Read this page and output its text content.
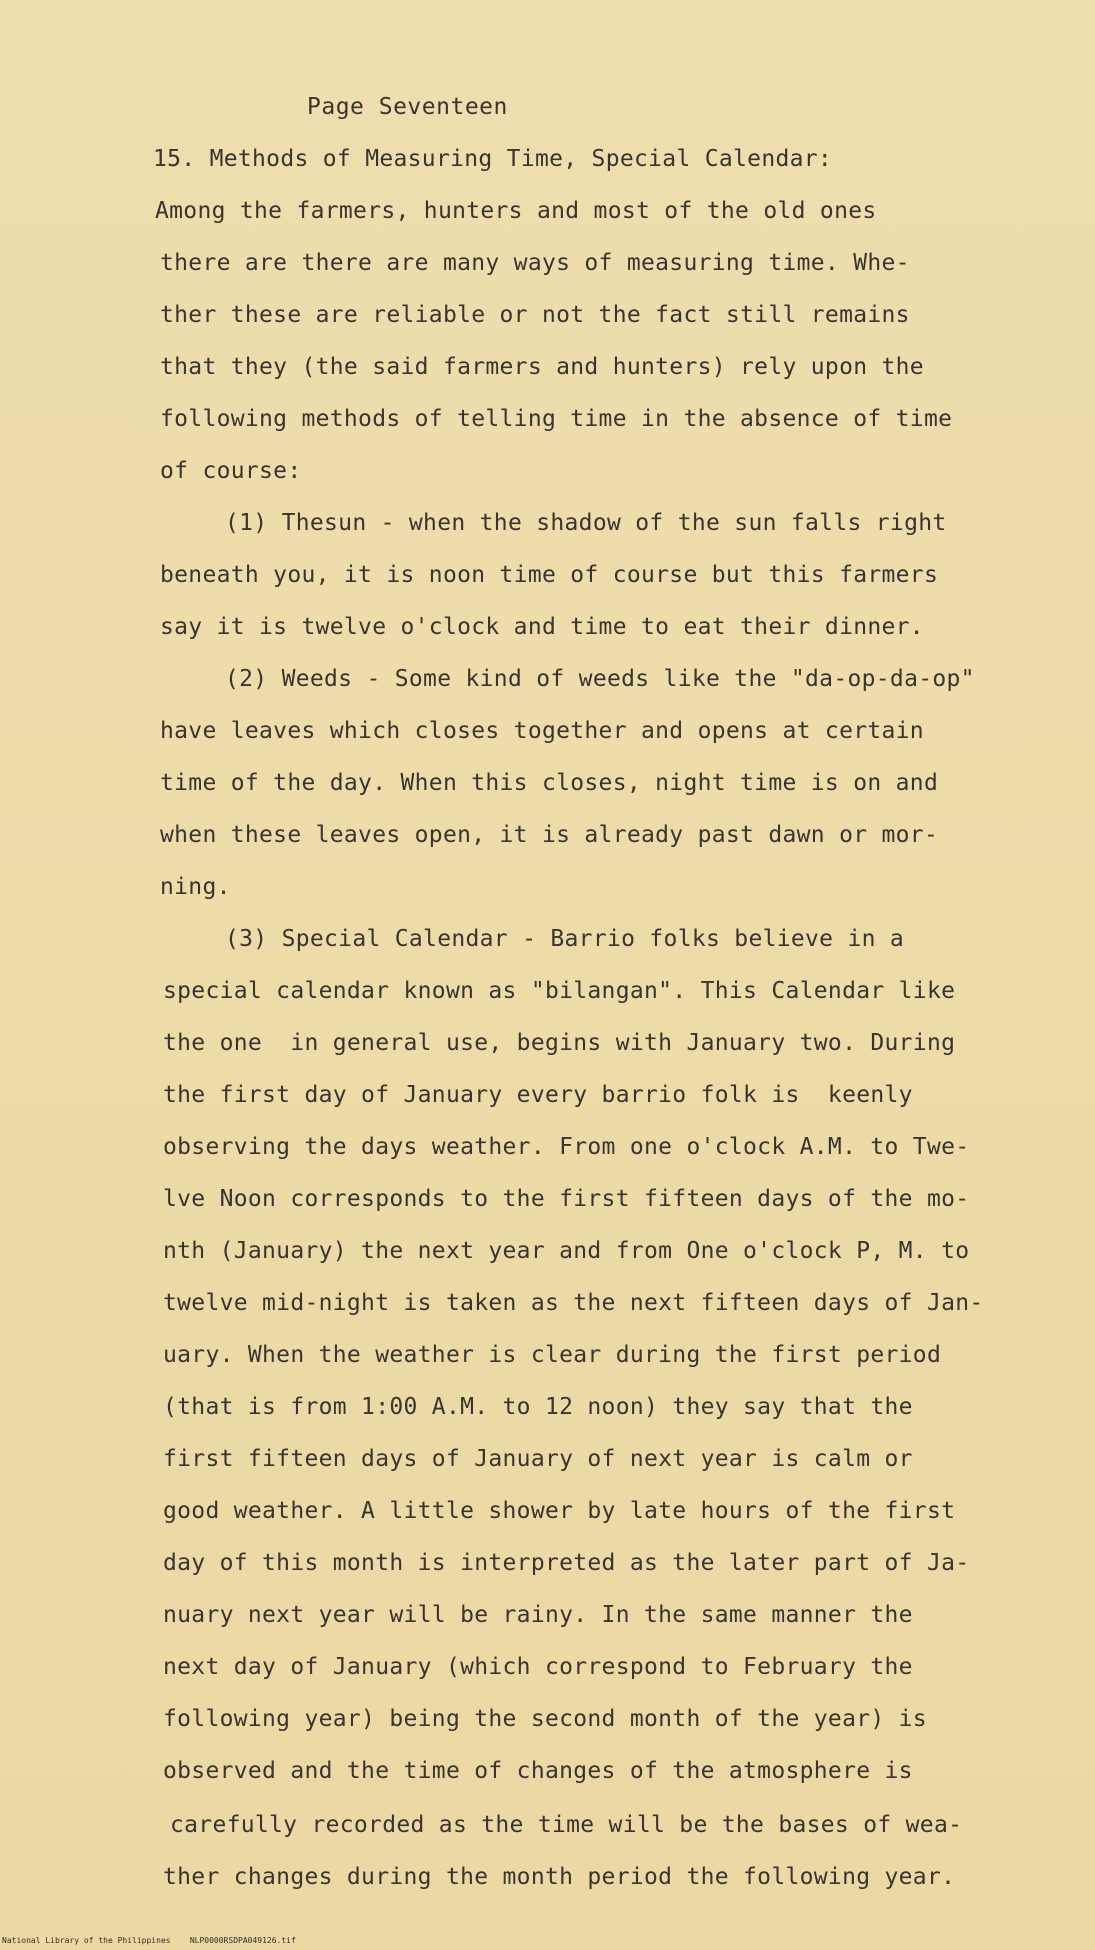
Page Seventeen
15. Methods of Measuring Time, Special Calendar:
Among the farmers, hunters and most of the old ones
there are there are many ways of measuring time. Whe-
ther these are reliable or not the fact still remains
that they (the said farmers and hunters) rely upon the
following methods of telling time in the absence of time
of course:
(1) Thesun - when the shadow of the sun falls right
beneath you, it is noon time of course but this farmers
say it is twelve o'clock and time to eat their dinner.
(2) Weeds - Some kind of weeds like the "da-op-da-op"
have leaves which closes together and opens at certain
time of the day. When this closes, night time is on and
when these leaves open, it is already past dawn or mor-
ning.
(3) Special Calendar - Barrio folks believe in a
special calendar known as "bilangan". This Calendar like
the one  in general use, begins with January two. During
the first day of January every barrio folk is  keenly
observing the days weather. From one o'clock A.M. to Twe-
lve Noon corresponds to the first fifteen days of the mo-
nth (January) the next year and from One o'clock P, M. to
twelve mid-night is taken as the next fifteen days of Jan-
uary. When the weather is clear during the first period
(that is from 1:00 A.M. to 12 noon) they say that the
first fifteen days of January of next year is calm or
good weather. A little shower by late hours of the first
day of this month is interpreted as the later part of Ja-
nuary next year will be rainy. In the same manner the
next day of January (which correspond to February the
following year) being the second month of the year) is
observed and the time of changes of the atmosphere is
carefully recorded as the time will be the bases of wea-
ther changes during the month period the following year.
National Library of the Philippines    NLP0000RSDPA049126.tif
